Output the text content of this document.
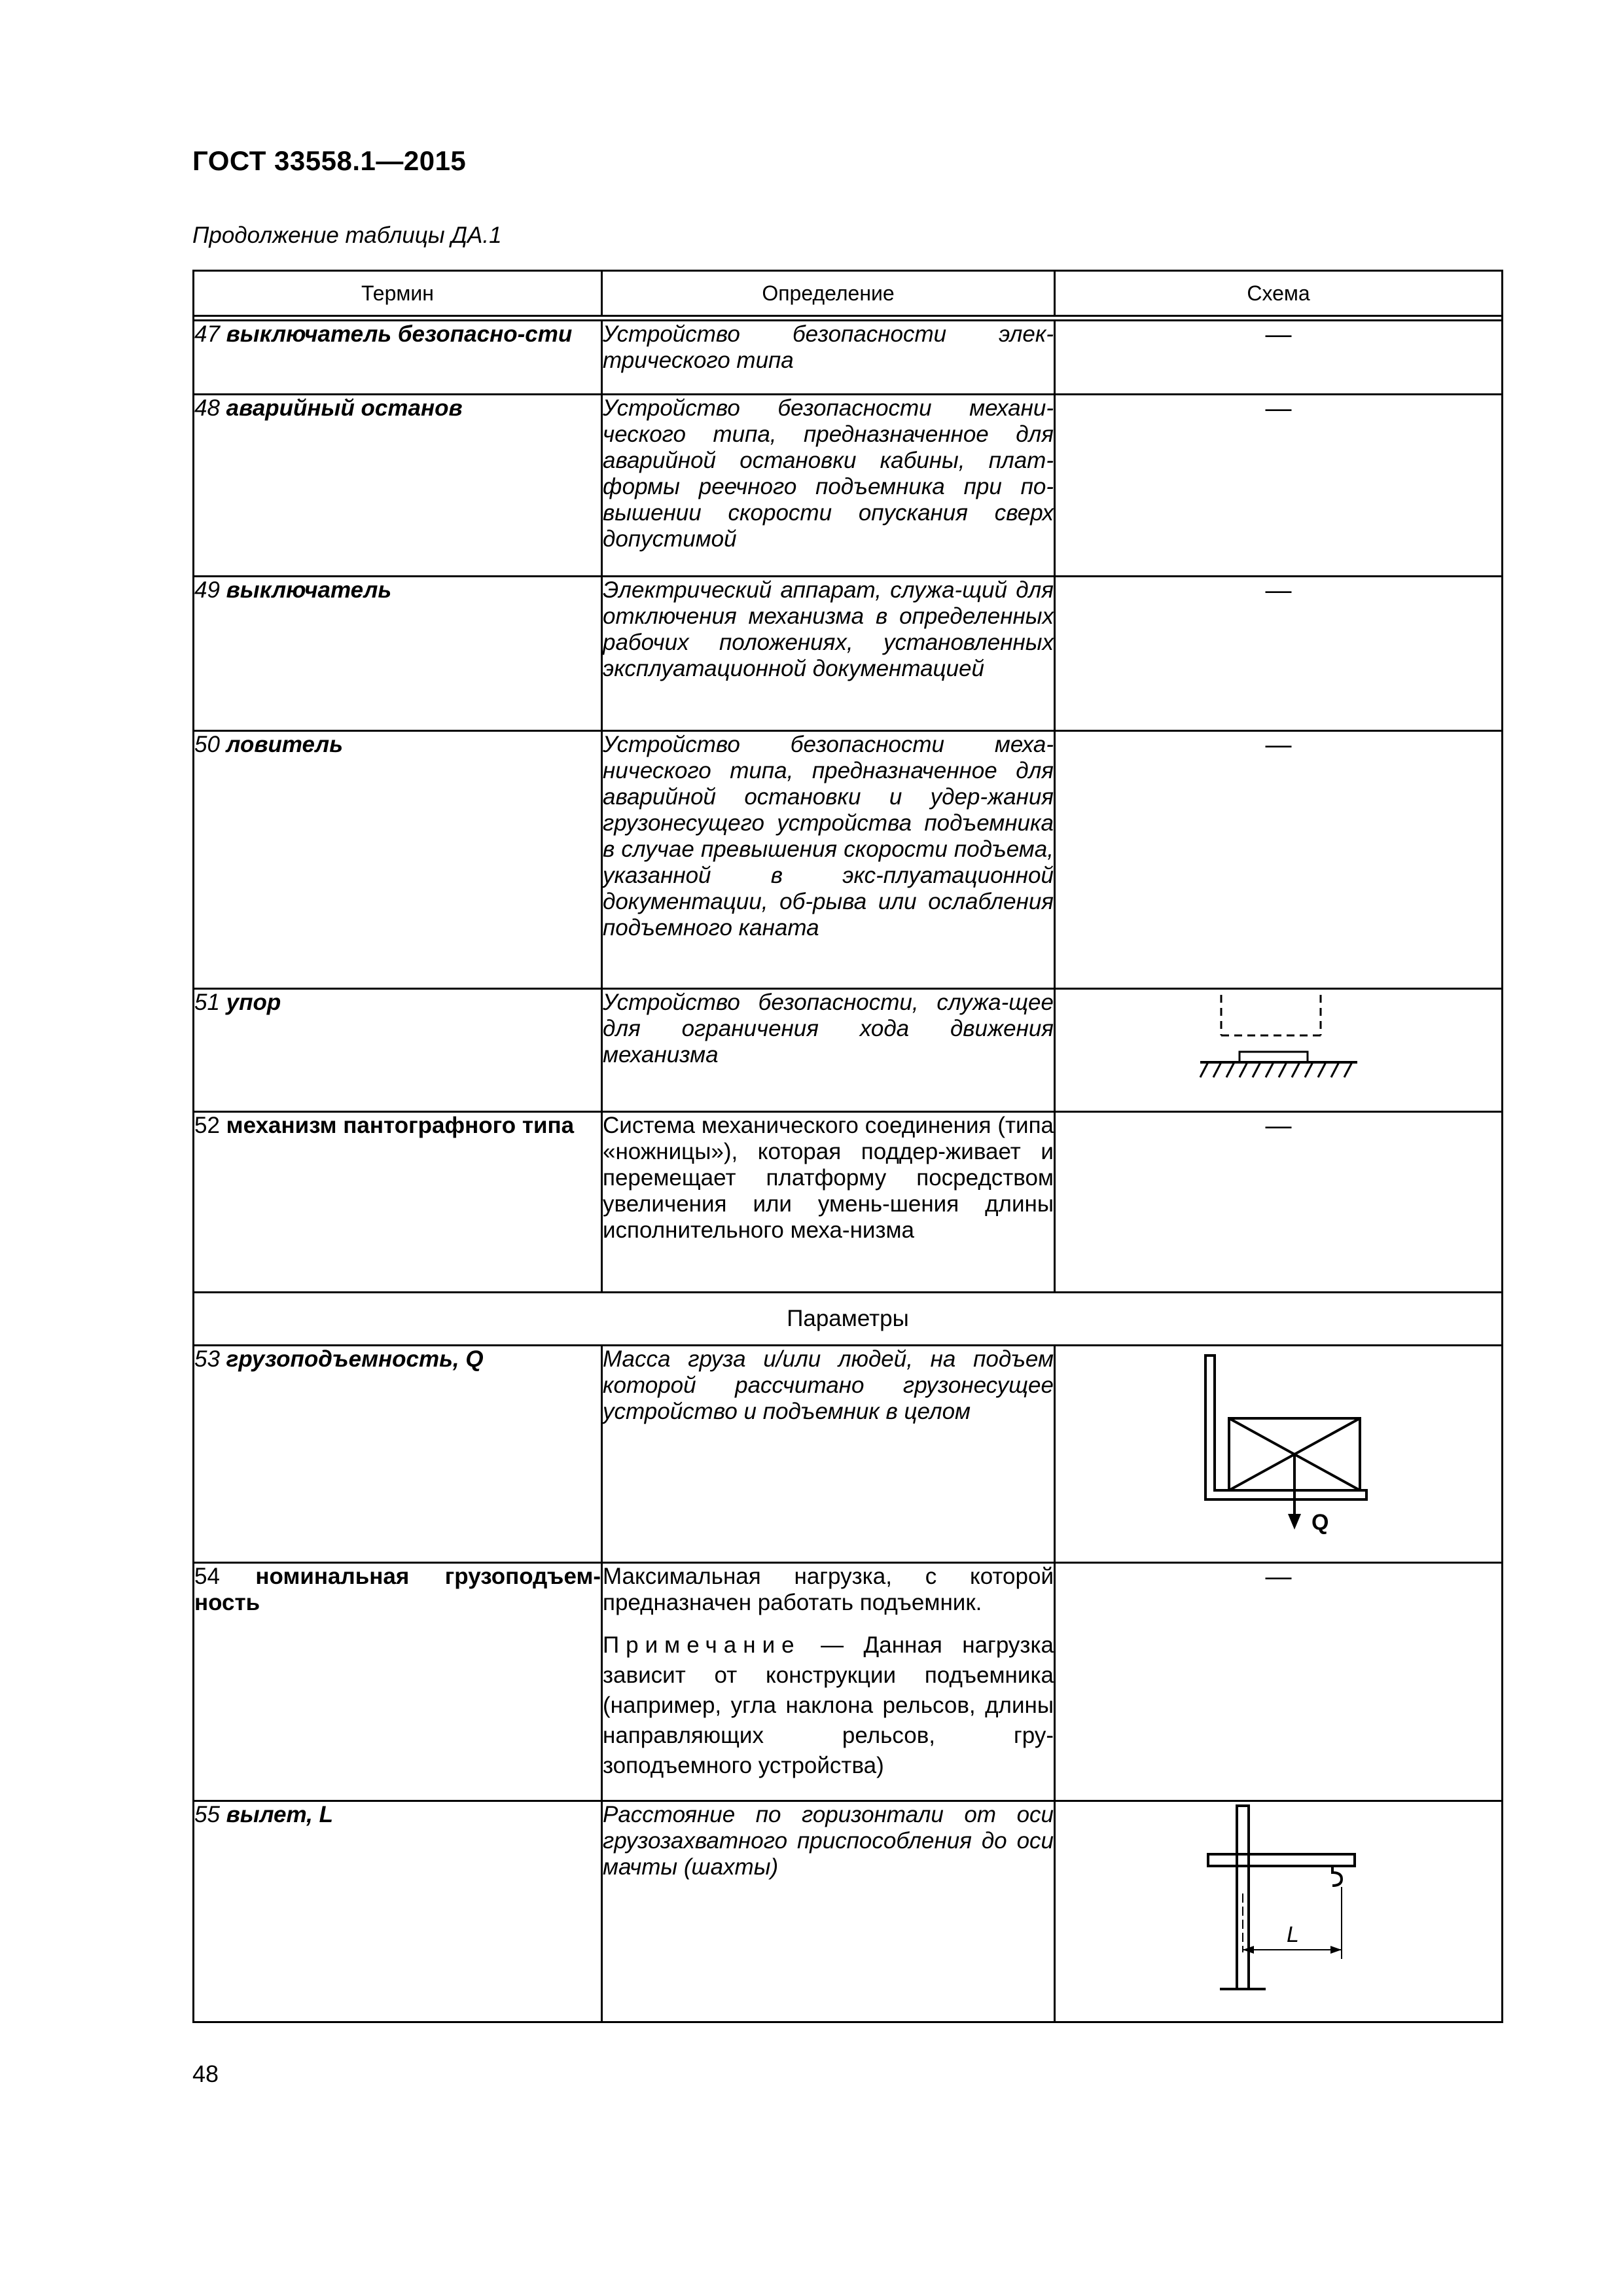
ГОСТ 33558.1—2015
Продолжение таблицы ДА.1
Термин	Определение	Схема

47 выключатель безопасно-сти	Устройство безопасности элек-трического типа	—
48 аварийный останов	Устройство безопасности механи-ческого типа, предназначенное для аварийной остановки кабины, плат-формы реечного подъемника при по-вышении скорости опускания сверх допустимой	—
49 выключатель	Электрический аппарат, служа-щий для отключения механизма в определенных рабочих положениях, установленных эксплуатационной документацией	—
50 ловитель	Устройство безопасности меха-нического типа, предназначенное для аварийной остановки и удер-жания грузонесущего устройства подъемника в случае превышения скорости подъема, указанной в экс-плуатационной документации, об-рыва или ослабления подъемного каната	—
51 упор	Устройство безопасности, служа-щее для ограничения хода движения механизма	

52 механизм пантографного типа	Система механического соединения (типа «ножницы»), которая поддер-живает и перемещает платформу посредством увеличения или умень-шения длины исполнительного меха-низма	—
Параметры		
53 грузоподъемность, Q	Масса груза и/или людей, на подъем которой рассчитано грузонесущее устройство и подъемник в целом	Q

54 номинальная грузоподъем-ность	Максимальная нагрузка, с которой предназначен работать подъемник.
Примечание — Данная нагрузка зависит от конструкции подъемника (например, угла наклона рельсов, длины направляющих рельсов, гру-зоподъемного устройства)	—
55 вылет, L	Расстояние по горизонтали от оси грузозахватного приспособления до оси мачты (шахты)	L
48
